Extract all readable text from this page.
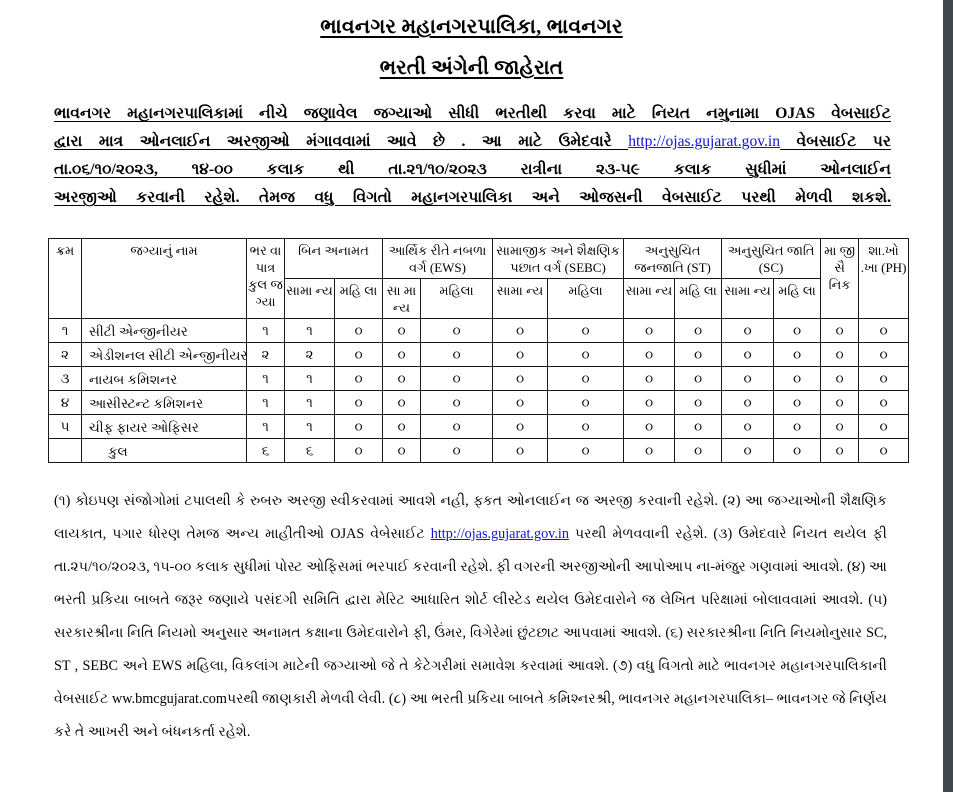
ભાવનગર મહાનગરપાલિકા, ભાવનગર
ભરતી અંગેની જાહેરાત
ભાવનગર મહાનગરપાલિકામાં નીચે જણાવેલ જગ્યાઓ સીધી ભરતીથી કરવા માટે નિયત નમુનામા OJAS વેબસાઈટ
દ્વારા માત્ર ઓનલાઈન અરજીઓ મંગાવવામાં આવે છે . આ માટે ઉમેદવારે http://ojas.gujarat.gov.in વેબસાઈટ પર
તા.૦૬/૧૦/૨૦૨૩, ૧૪-૦૦ કલાક થી તા.૨૧/૧૦/૨૦૨૩ રાત્રીના ૨૩-૫૯ કલાક સુધીમાં ઓનલાઈન
અરજીઓ કરવાની રહેશે. તેમજ વધુ વિગતો મહાનગરપાલિકા અને ઓજસની વેબસાઈટ પરથી મેળવી શકશે.
ક્રમ	જગ્યાનું નામ	ભર વા પાત્ર કુલ જ ગ્યા	બિન અનામત		આર્થિક રીતે નબળા વર્ગ (EWS)		સામાજીક અને શૈક્ષણિક પછાત વર્ગ (SEBC)		અનુસુચિત જનજાતિ (ST)		અનુસુચિત જાતિ (SC)		મા જી સૈ નિક	શા.ખો .ખા (PH)
			સામા ન્ય	મહિ લા	સા મા ન્ય	મહિલા	સામા ન્ય	મહિલા	સામા ન્ય	મહિ લા	સામા ન્ય	મહિ લા		
૧	સીટી એન્જીનીયર	૧	૧	૦	૦	૦	૦	૦	૦	૦	૦	૦	૦	૦
૨	એડીશનલ સીટી એન્જીનીયર	૨	૨	૦	૦	૦	૦	૦	૦	૦	૦	૦	૦	૦
૩	નાયબ કમિશનર	૧	૧	૦	૦	૦	૦	૦	૦	૦	૦	૦	૦	૦
૪	આસીસ્ટન્ટ કમિશનર	૧	૧	૦	૦	૦	૦	૦	૦	૦	૦	૦	૦	૦
૫	ચીફ ફાયર ઓફિસર	૧	૧	૦	૦	૦	૦	૦	૦	૦	૦	૦	૦	૦
	કુલ	૬	૬	૦	૦	૦	૦	૦	૦	૦	૦	૦	૦	૦
(૧) કોઇપણ સંજોગોમાં ટપાલથી કે રુબરુ અરજી સ્વીકરવામાં આવશે નહી, ફ્કત ઓનલાઈન જ અરજી કરવાની રહેશે. (૨) આ જગ્યાઓની શૈક્ષણિક લાયકાત, પગાર ધોરણ તેમજ અન્ય માહીતીઓ OJAS વેબેસાઈટ http://ojas.gujarat.gov.in પરથી મેળવવાની રહેશે. (૩) ઉમેદવારે નિયત થયેલ ફી તા.૨૫/૧૦/૨૦૨૩, ૧૫-૦૦ કલાક સુધીમાં પોસ્ટ ઓફિસમાં ભરપાઈ કરવાની રહેશે. ફી વગરની અરજીઓની આપોઆપ ના-મંજુર ગણવામાં આવશે. (૪) આ ભરતી પ્રકિયા બાબતે જરૂર જણાયે પસંદગી સમિતિ દ્વારા મેરિટ આધારિત શોર્ટ લીસ્ટેડ થયેલ ઉમેદવારોને જ લેખિત પરિક્ષામાં બોલાવવામાં આવશે. (૫) સરકારશ્રીના નિતિ નિયમો અનુસાર અનામત કક્ષાના ઉમેદવારોને ફી, ઉંમર, વિગેરેમાં છુંટછાટ આપવામાં આવશે. (૬) સરકારશ્રીના નિતિ નિયમોનુસાર SC, ST , SEBC અને EWS મહિલા, વિકલાંગ માટેની જગ્યાઓ જે તે કેટેગરીમાં સમાવેશ કરવામાં આવશે. (૭) વધુ વિગતો માટે ભાવનગર મહાનગરપાલિકાની વેબસાઈટ ww.bmcgujarat.comપરથી જાણકારી મેળવી લેવી. (૮) આ ભરતી પ્રકિયા બાબતે કમિશ્નરશ્રી, ભાવનગર મહાનગરપાલિકા– ભાવનગર જે નિર્ણય કરે તે આખરી અને બંધનકર્તા રહેશે.
